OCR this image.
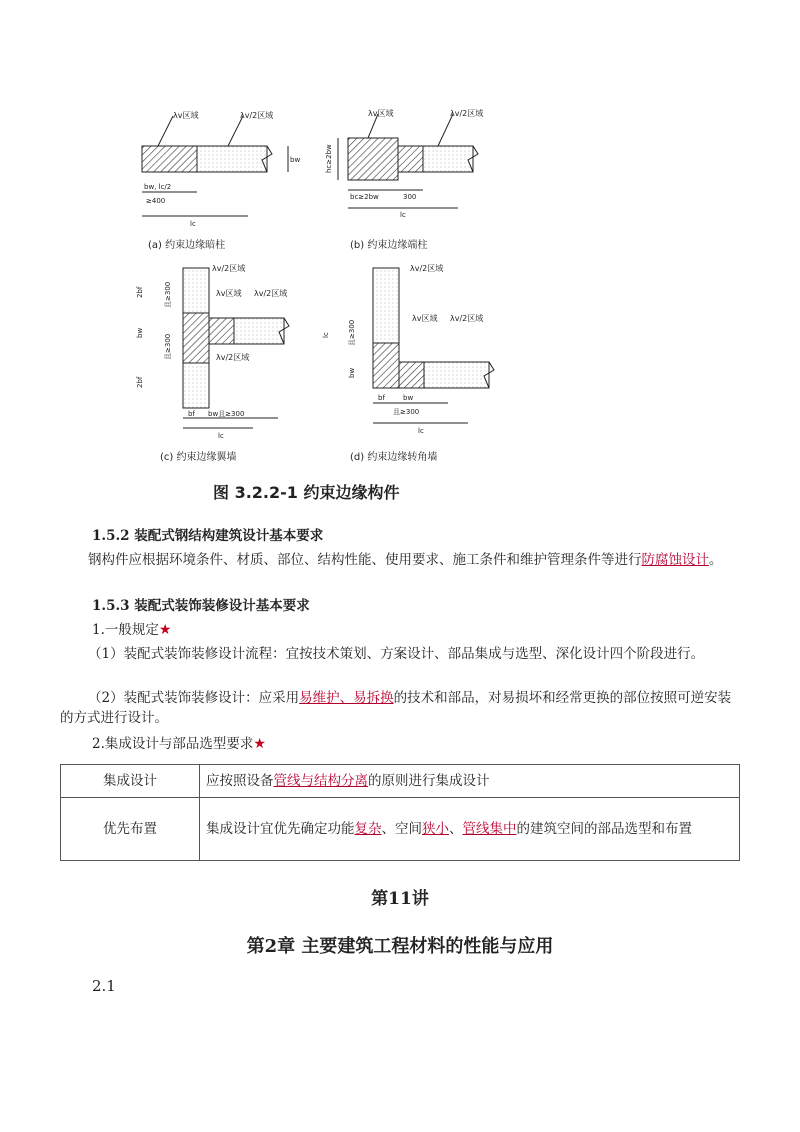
λv区域	λv/2区域
bw
bw, lc/2
≥400
lc
(a) 约束边缘暗柱
λv区域	λv/2区域
hc≥2bw
bc≥2bw	300
lc
(b) 约束边缘端柱
λv/2区域
λv区域 λv/2区域
λv/2区域
2bf
2bf
bw
且≥300
且≥300
bf bw且≥300
lc
(c) 约束边缘翼墙
λv/2区域
λv区域 λv/2区域
lc	且≥300
bw
bf	bw
且≥300
lc
(d) 约束边缘转角墙
图 3.2.2-1 约束边缘构件
1.5.2 装配式钢结构建筑设计基本要求
钢构件应根据环境条件、材质、部位、结构性能、使用要求、施工条件和维护管理条件等进行防腐蚀设计。
1.5.3 装配式装饰装修设计基本要求
1.一般规定★
（1）装配式装饰装修设计流程：宜按技术策划、方案设计、部品集成与选型、深化设计四个阶段进行。
（2）装配式装饰装修设计：应采用易维护、易拆换的技术和部品，对易损坏和经常更换的部位按照可逆安装的方式进行设计。
2.集成设计与部品选型要求★
集成设计	应按照设备管线与结构分离的原则进行集成设计
优先布置	集成设计宜优先确定功能复杂、空间狭小、管线集中的建筑空间的部品选型和布置
第11讲
第2章 主要建筑工程材料的性能与应用
2.1
